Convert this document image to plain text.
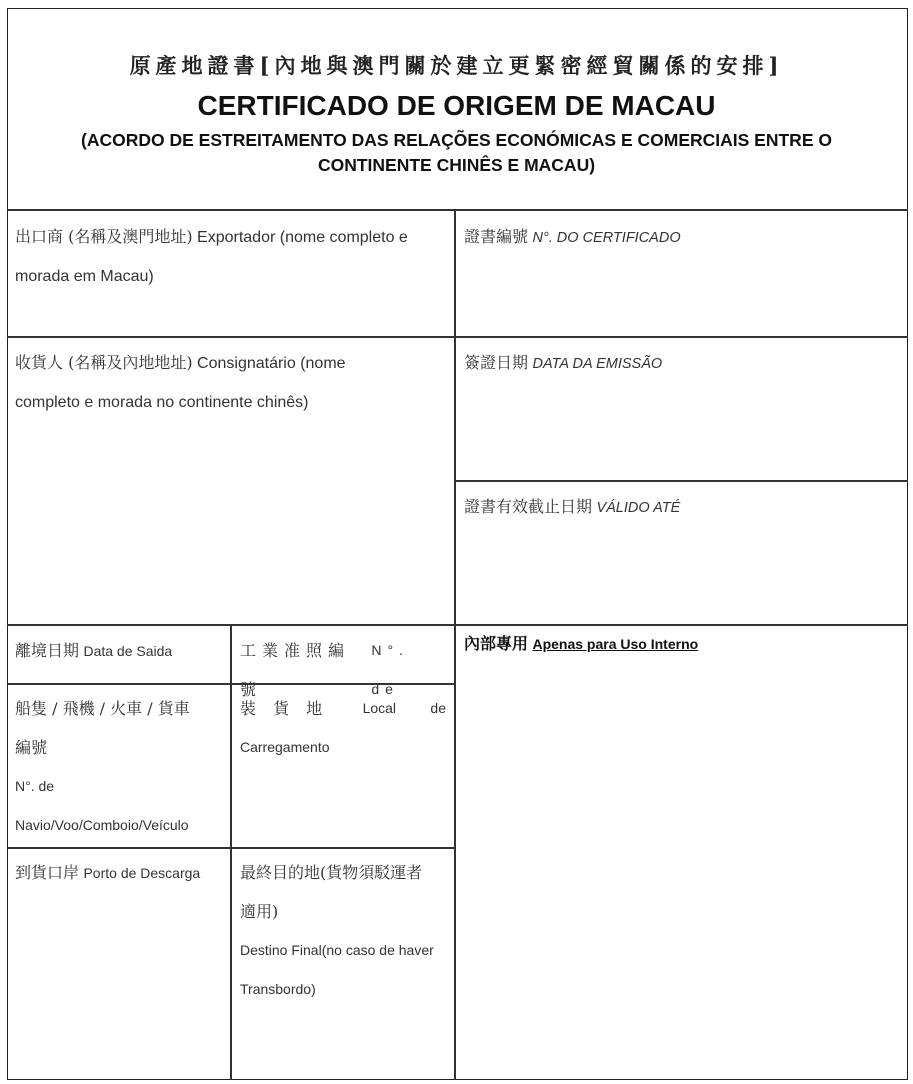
原產地證書[內地與澳門關於建立更緊密經貿關係的安排]
CERTIFICADO DE ORIGEM DE MACAU
(ACORDO DE ESTREITAMENTO DAS RELAÇÕES ECONÓMICAS E COMERCIAIS ENTRE O CONTINENTE CHINÊS E MACAU)
出口商 (名稱及澳門地址) Exportador (nome completo e
morada em Macau)
證書編號 N°. DO CERTIFICADO
收貨人 (名稱及內地地址) Consignatário (nome
completo e morada no continente chinês)
簽證日期 DATA DA EMISSÃO
證書有效截止日期 VÁLIDO ATÉ
離境日期 Data de Saida	工業准照編號
N°. de
內部專用 Apenas para Uso Interno
船隻 / 飛機 / 火車 / 貨車
編號
N°. de
Navio/Voo/Comboio/Veículo
裝 貨 地 Local de
Carregamento
到貨口岸 Porto de Descarga	最終目的地(貨物須駁運者
適用)
Destino Final(no caso de haver
Transbordo)
